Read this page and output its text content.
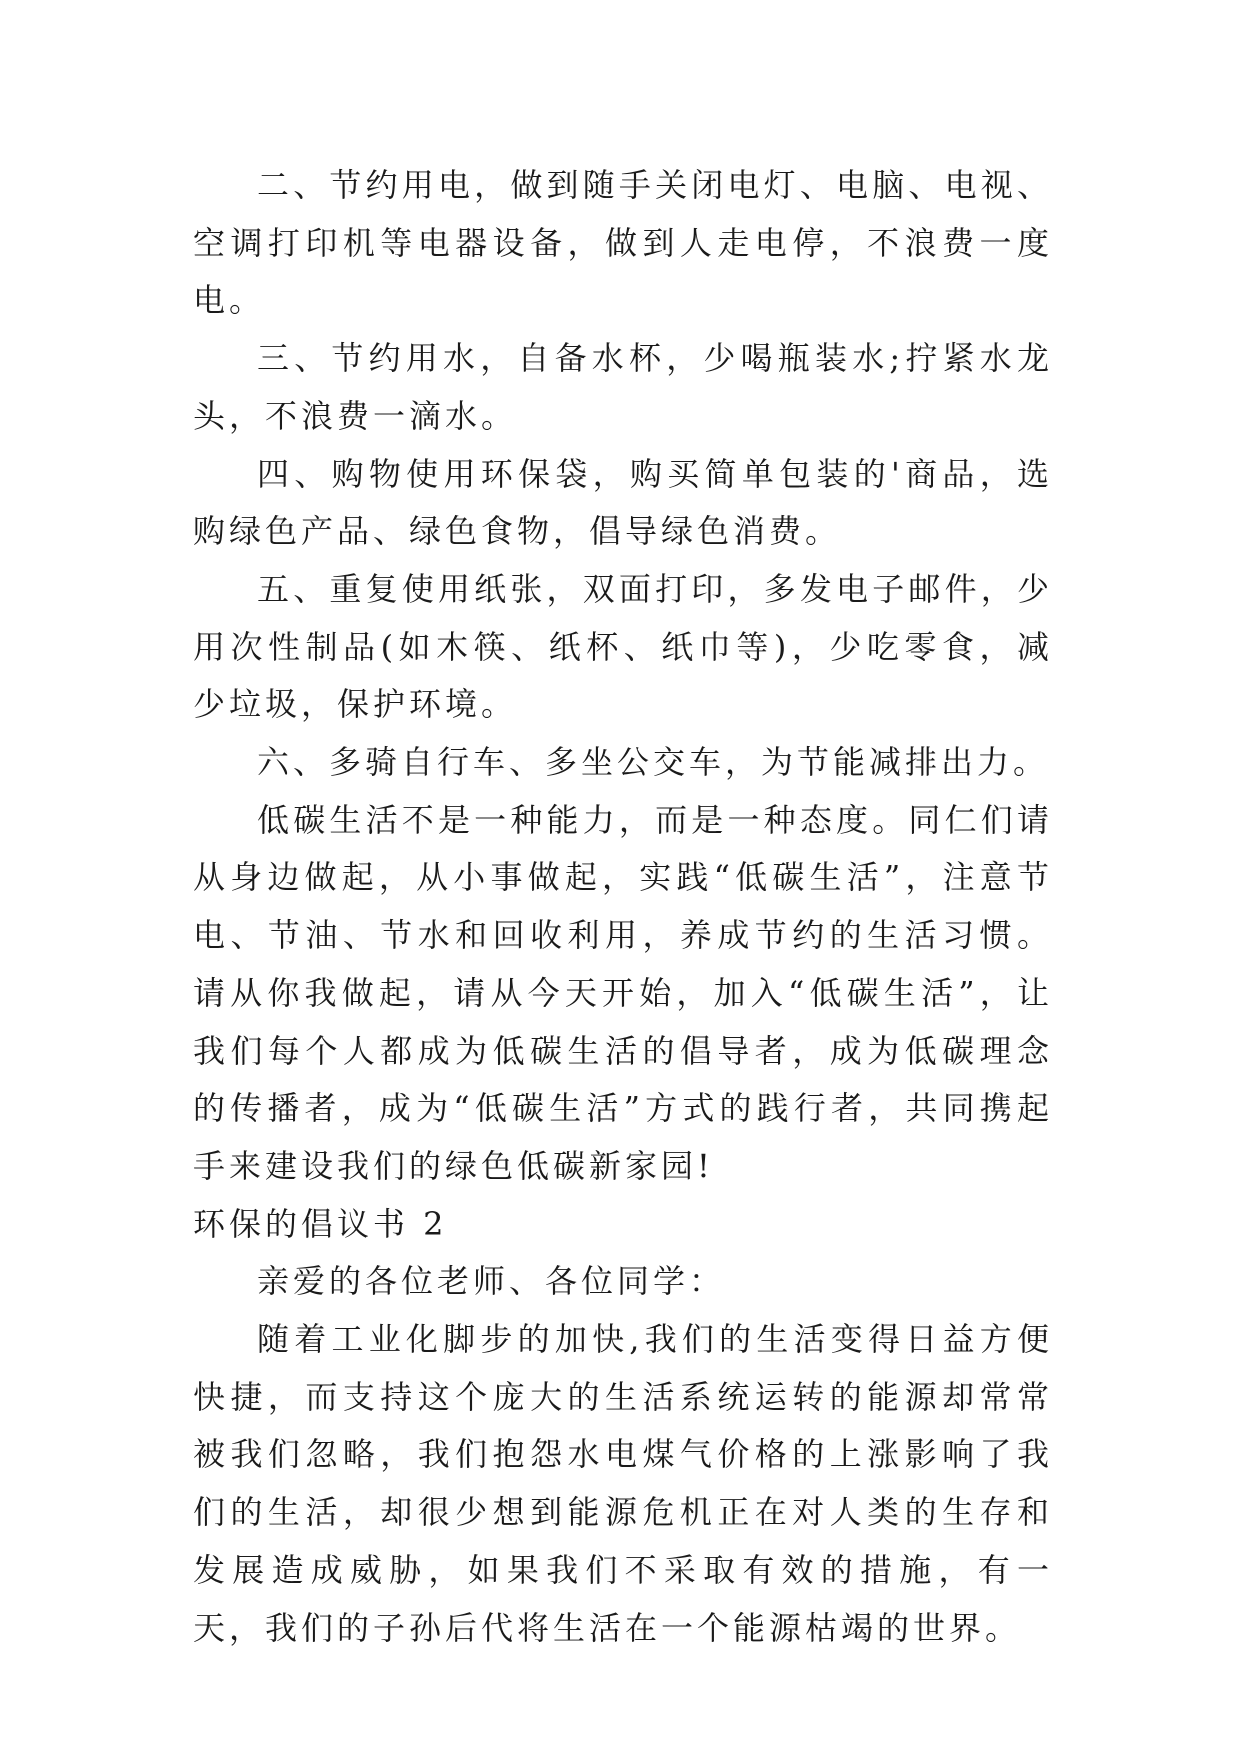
二、节约用电，做到随手关闭电灯、电脑、电视、空调打印机等电器设备，做到人走电停，不浪费一度电。

三、节约用水，自备水杯，少喝瓶装水;拧紧水龙头，不浪费一滴水。

四、购物使用环保袋，购买简单包装的'商品，选购绿色产品、绿色食物，倡导绿色消费。

五、重复使用纸张，双面打印，多发电子邮件，少用次性制品(如木筷、纸杯、纸巾等)，少吃零食，减少垃圾，保护环境。

六、多骑自行车、多坐公交车，为节能减排出力。

低碳生活不是一种能力，而是一种态度。同仁们请从身边做起，从小事做起，实践“低碳生活”，注意节电、节油、节水和回收利用，养成节约的生活习惯。请从你我做起，请从今天开始，加入“低碳生活”，让我们每个人都成为低碳生活的倡导者，成为低碳理念的传播者，成为“低碳生活”方式的践行者，共同携起手来建设我们的绿色低碳新家园!

环保的倡议书 2

亲爱的各位老师、各位同学：

随着工业化脚步的加快,我们的生活变得日益方便快捷，而支持这个庞大的生活系统运转的能源却常常被我们忽略，我们抱怨水电煤气价格的上涨影响了我们的生活，却很少想到能源危机正在对人类的生存和发展造成威胁，如果我们不采取有效的措施，有一天，我们的子孙后代将生活在一个能源枯竭的世界。
